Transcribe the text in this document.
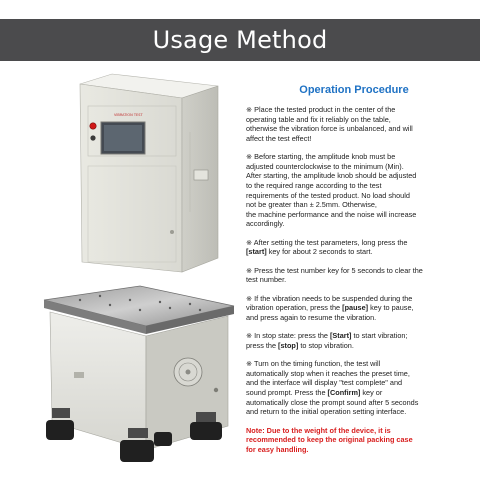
Usage Method
VIBRATION TEST
Operation Procedure

※ Place the tested product in the center of the
operating table and fix it reliably on the table,
otherwise the vibration force is unbalanced, and will
affect the test effect!

※ Before starting, the amplitude knob must be
adjusted counterclockwise to the minimum (Min).
After starting, the amplitude knob should be adjusted
to the required range according to the test
requirements of the tested product. No load should
not be greater than ± 2.5mm. Otherwise,
the machine performance and the noise will increase
accordingly.

※ After setting the test parameters, long press the
[start] key for about 2 seconds to start.

※ Press the test number key for 5 seconds to clear the
test number.

※ If the vibration needs to be suspended during the
vibration operation, press the [pause] key to pause,
and press again to resume the vibration.

※ In stop state: press the [Start] to start vibration;
press the [stop] to stop vibration.

※ Turn on the timing function, the test will
automatically stop when it reaches the preset time,
and the interface will display "test complete" and
sound prompt. Press the [Confirm] key or
automatically close the prompt sound after 5 seconds
and return to the initial operation setting interface.

Note: Due to the weight of the device, it is
recommended to keep the original packing case
for easy handling.
